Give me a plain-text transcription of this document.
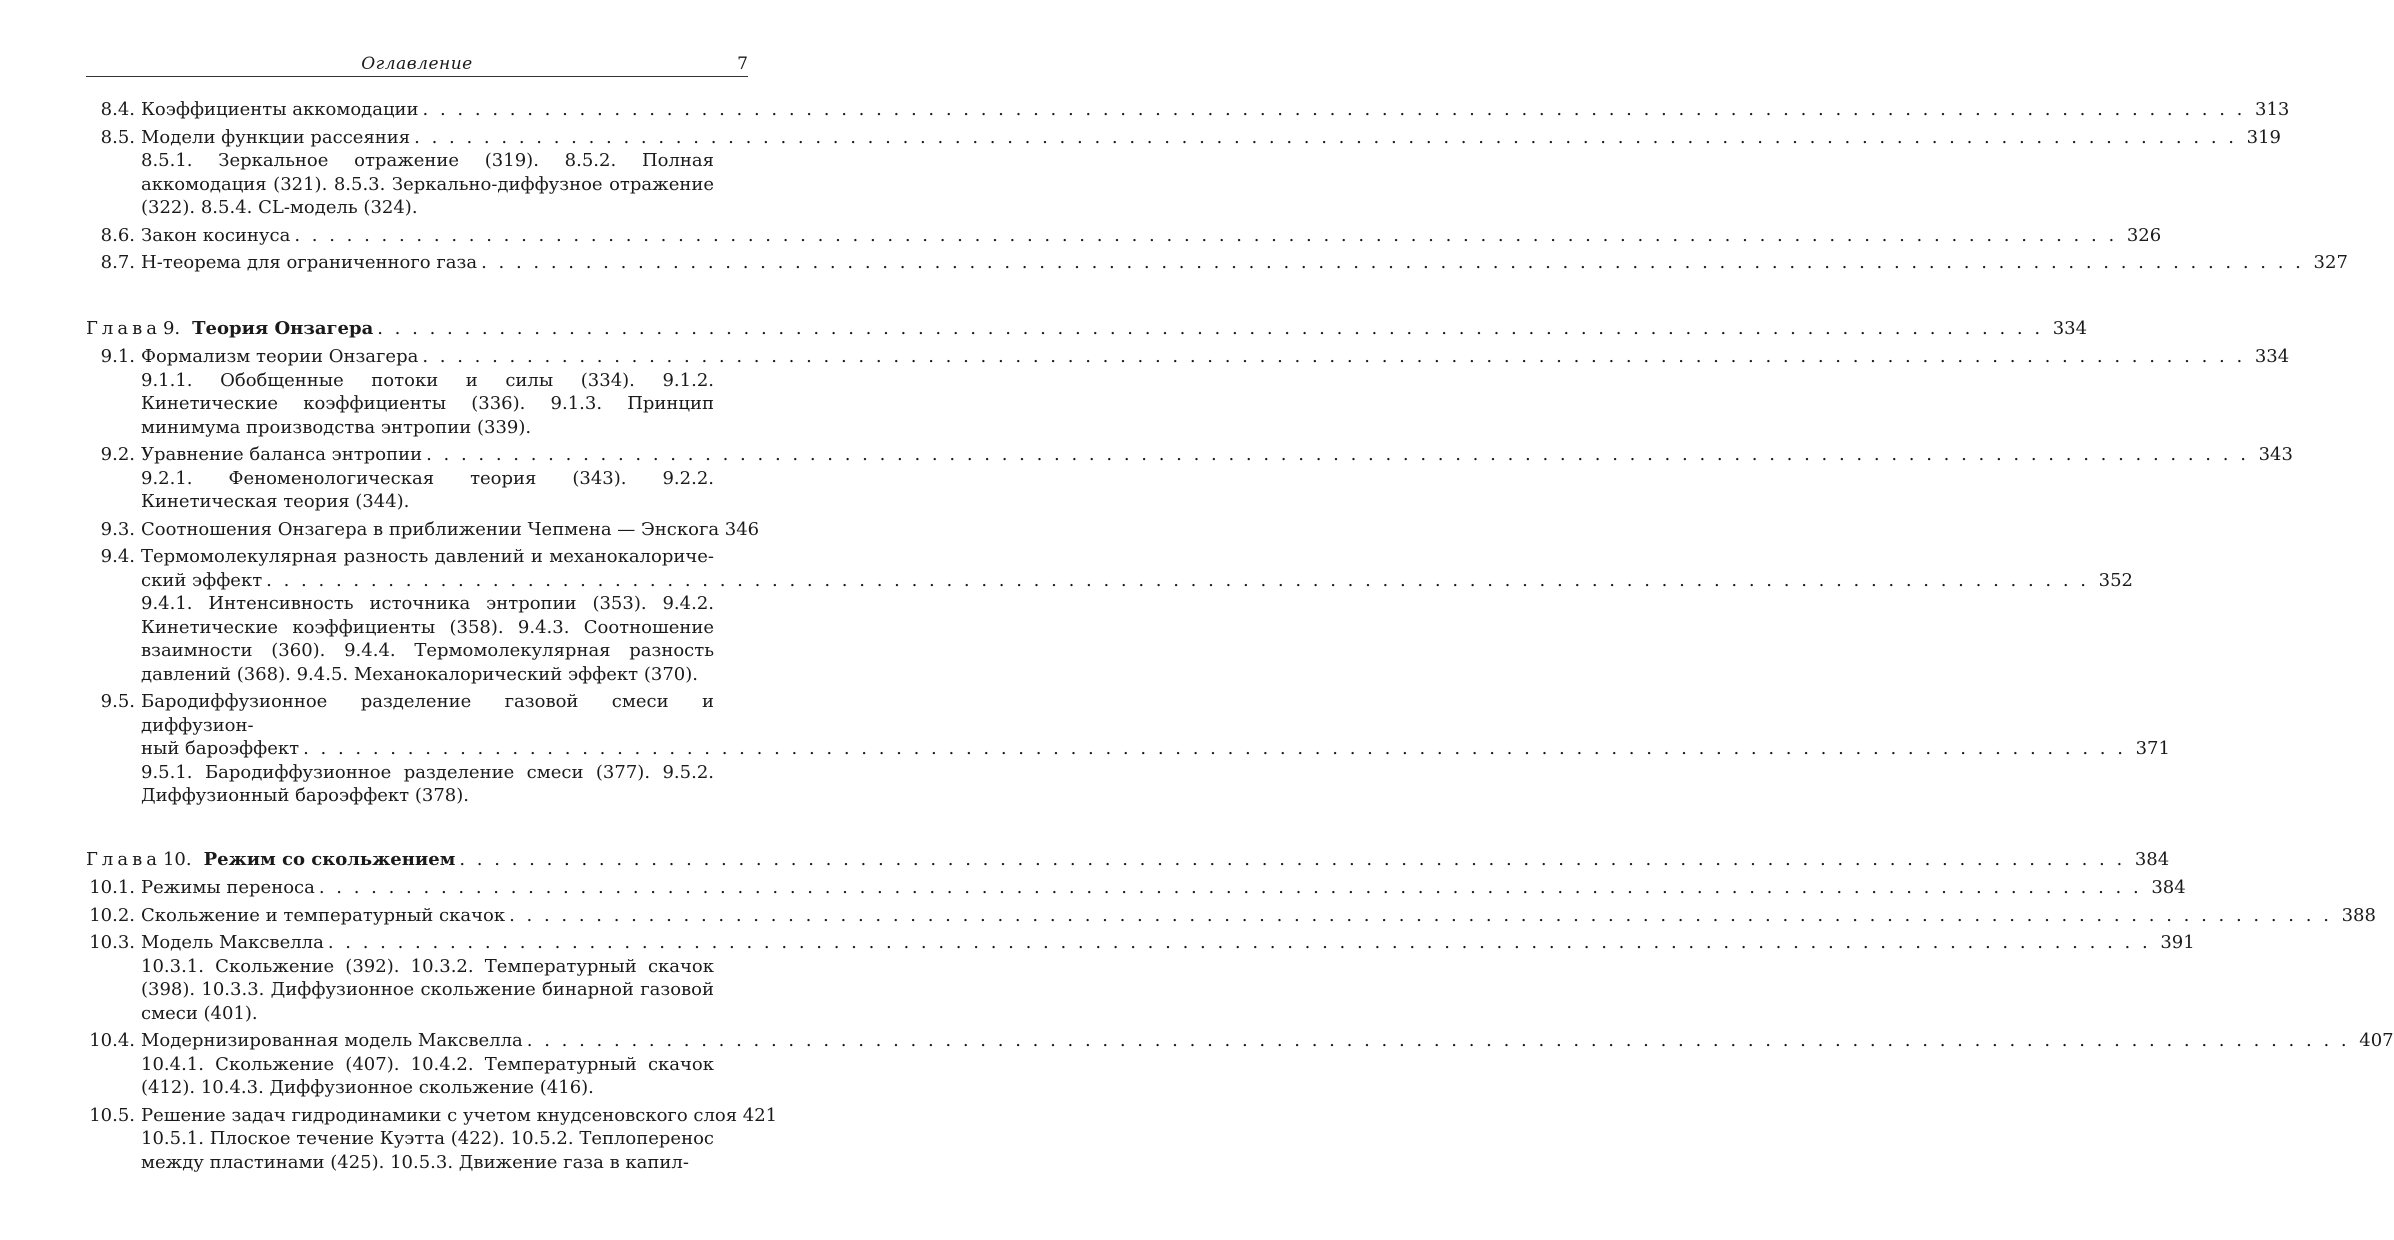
Оглавление	7
8.4. Коэффициенты аккомодации . . .	313
8.5. Модели функции рассеяния . . .	319
8.5.1. Зеркальное отражение (319). 8.5.2. Полная аккомодация (321). 8.5.3. Зеркально-диффузное отражение (322). 8.5.4. CL-модель (324).
8.6. Закон косинуса . . .	326
8.7. H-теорема для ограниченного газа . . .	327
Глава 9. Теория Онзагера . . .	334
9.1. Формализм теории Онзагера . . .	334
9.1.1. Обобщенные потоки и силы (334). 9.1.2. Кинетические коэффициенты (336). 9.1.3. Принцип минимума производства энтропии (339).
9.2. Уравнение баланса энтропии . . .	343
9.2.1. Феноменологическая теория (343). 9.2.2. Кинетическая теория (344).
9.3. Соотношения Онзагера в приближении Чепмена — Энскога 346
9.4. Термомолекулярная разность давлений и механокалориче-
ский эффект . . .	352
9.4.1. Интенсивность источника энтропии (353). 9.4.2. Кинетические коэффициенты (358). 9.4.3. Соотношение взаимности (360). 9.4.4. Термомолекулярная разность давлений (368). 9.4.5. Механокалорический эффект (370).
9.5. Бародиффузионное разделение газовой смеси и диффузион-
ный бароэффект . . .	371
9.5.1. Бародиффузионное разделение смеси (377). 9.5.2. Диффузионный бароэффект (378).
Глава 10. Режим со скольжением . . .	384
10.1. Режимы переноса . . .	384
10.2. Скольжение и температурный скачок . . .	388
10.3. Модель Максвелла . . .	391
10.3.1. Скольжение (392). 10.3.2. Температурный скачок (398). 10.3.3. Диффузионное скольжение бинарной газовой смеси (401).
10.4. Модернизированная модель Максвелла . . .	407
10.4.1. Скольжение (407). 10.4.2. Температурный скачок (412). 10.4.3. Диффузионное скольжение (416).
10.5. Решение задач гидродинамики с учетом кнудсеновского слоя 421
10.5.1. Плоское течение Куэтта (422). 10.5.2. Теплоперенос между пластинами (425). 10.5.3. Движение газа в капил-
